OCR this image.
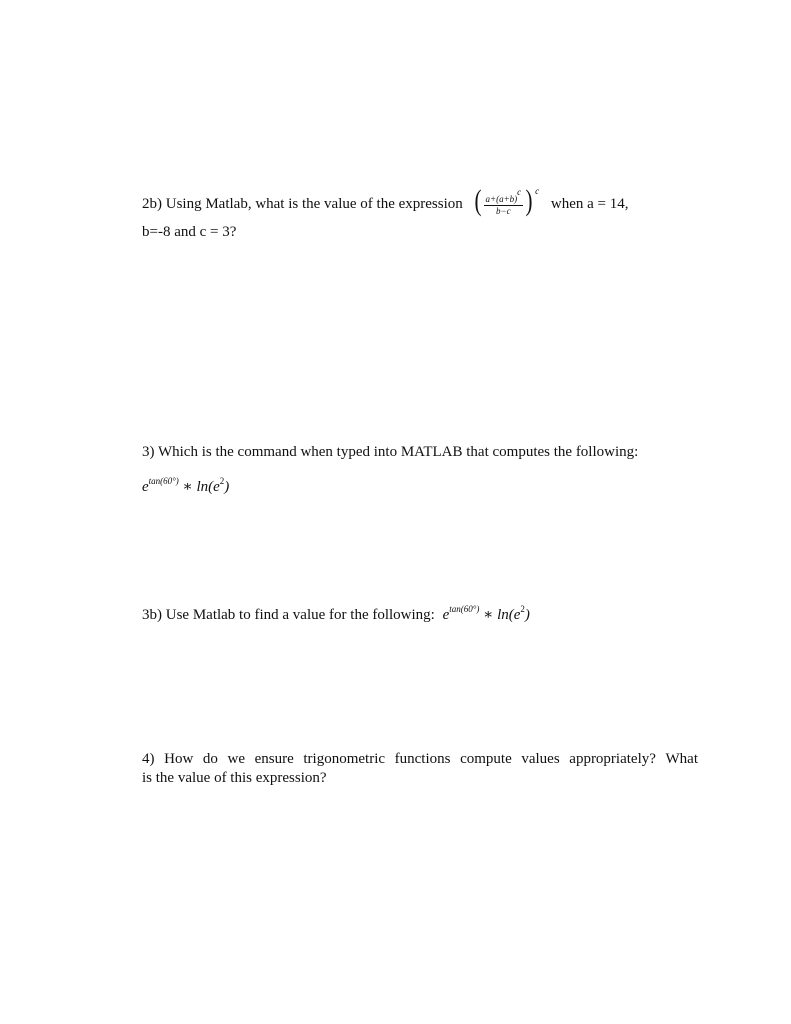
2b) Using Matlab, what is the value of the expression ( $\frac{a+(a+b)^c}{b-c}$ ) $^c$ when a = 14,
b=-8 and c = 3?
3) Which is the command when typed into MATLAB that computes the following:
$e^{tan(60^\circ)}$ ∗ $\ln(e^2)$
3b) Use Matlab to find a value for the following: $e^{tan(60^\circ)}$ ∗ $\ln(e^2)$
4) How do we ensure trigonometric functions compute values appropriately? What
is the value of this expression?
